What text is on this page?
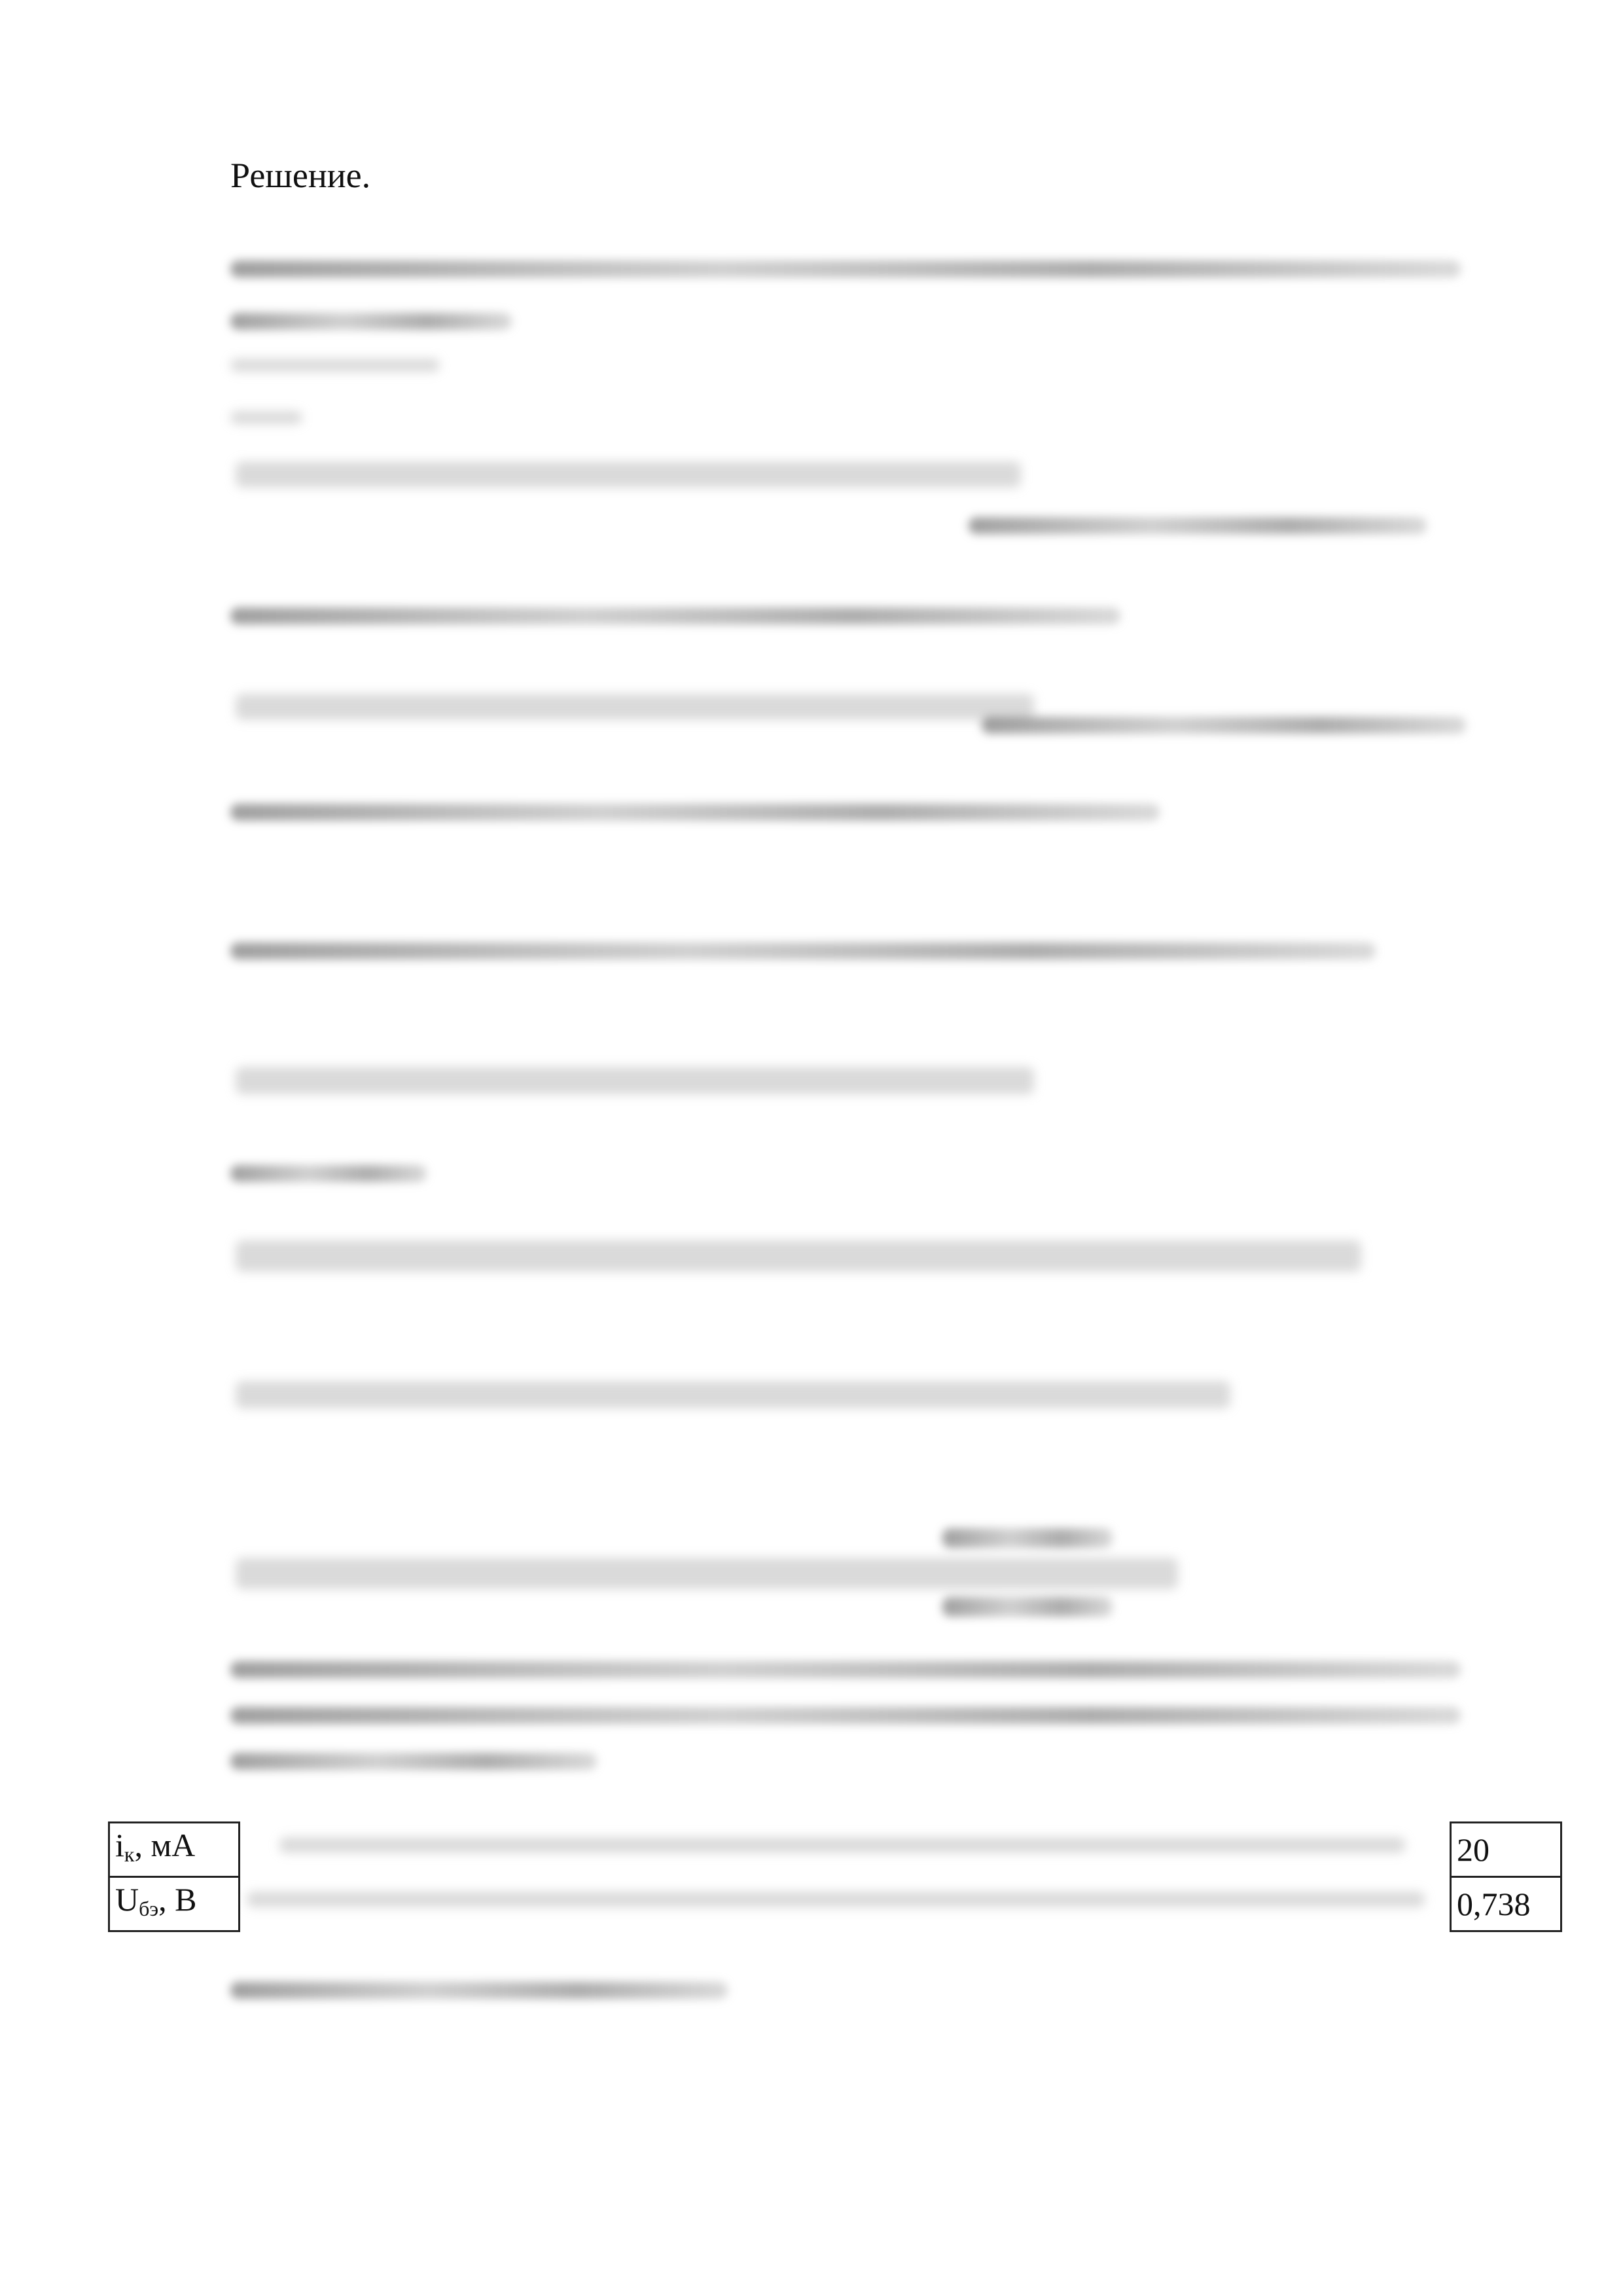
Решение.
$i_к$, мА		20
$U_{бэ}$, В		0,738
